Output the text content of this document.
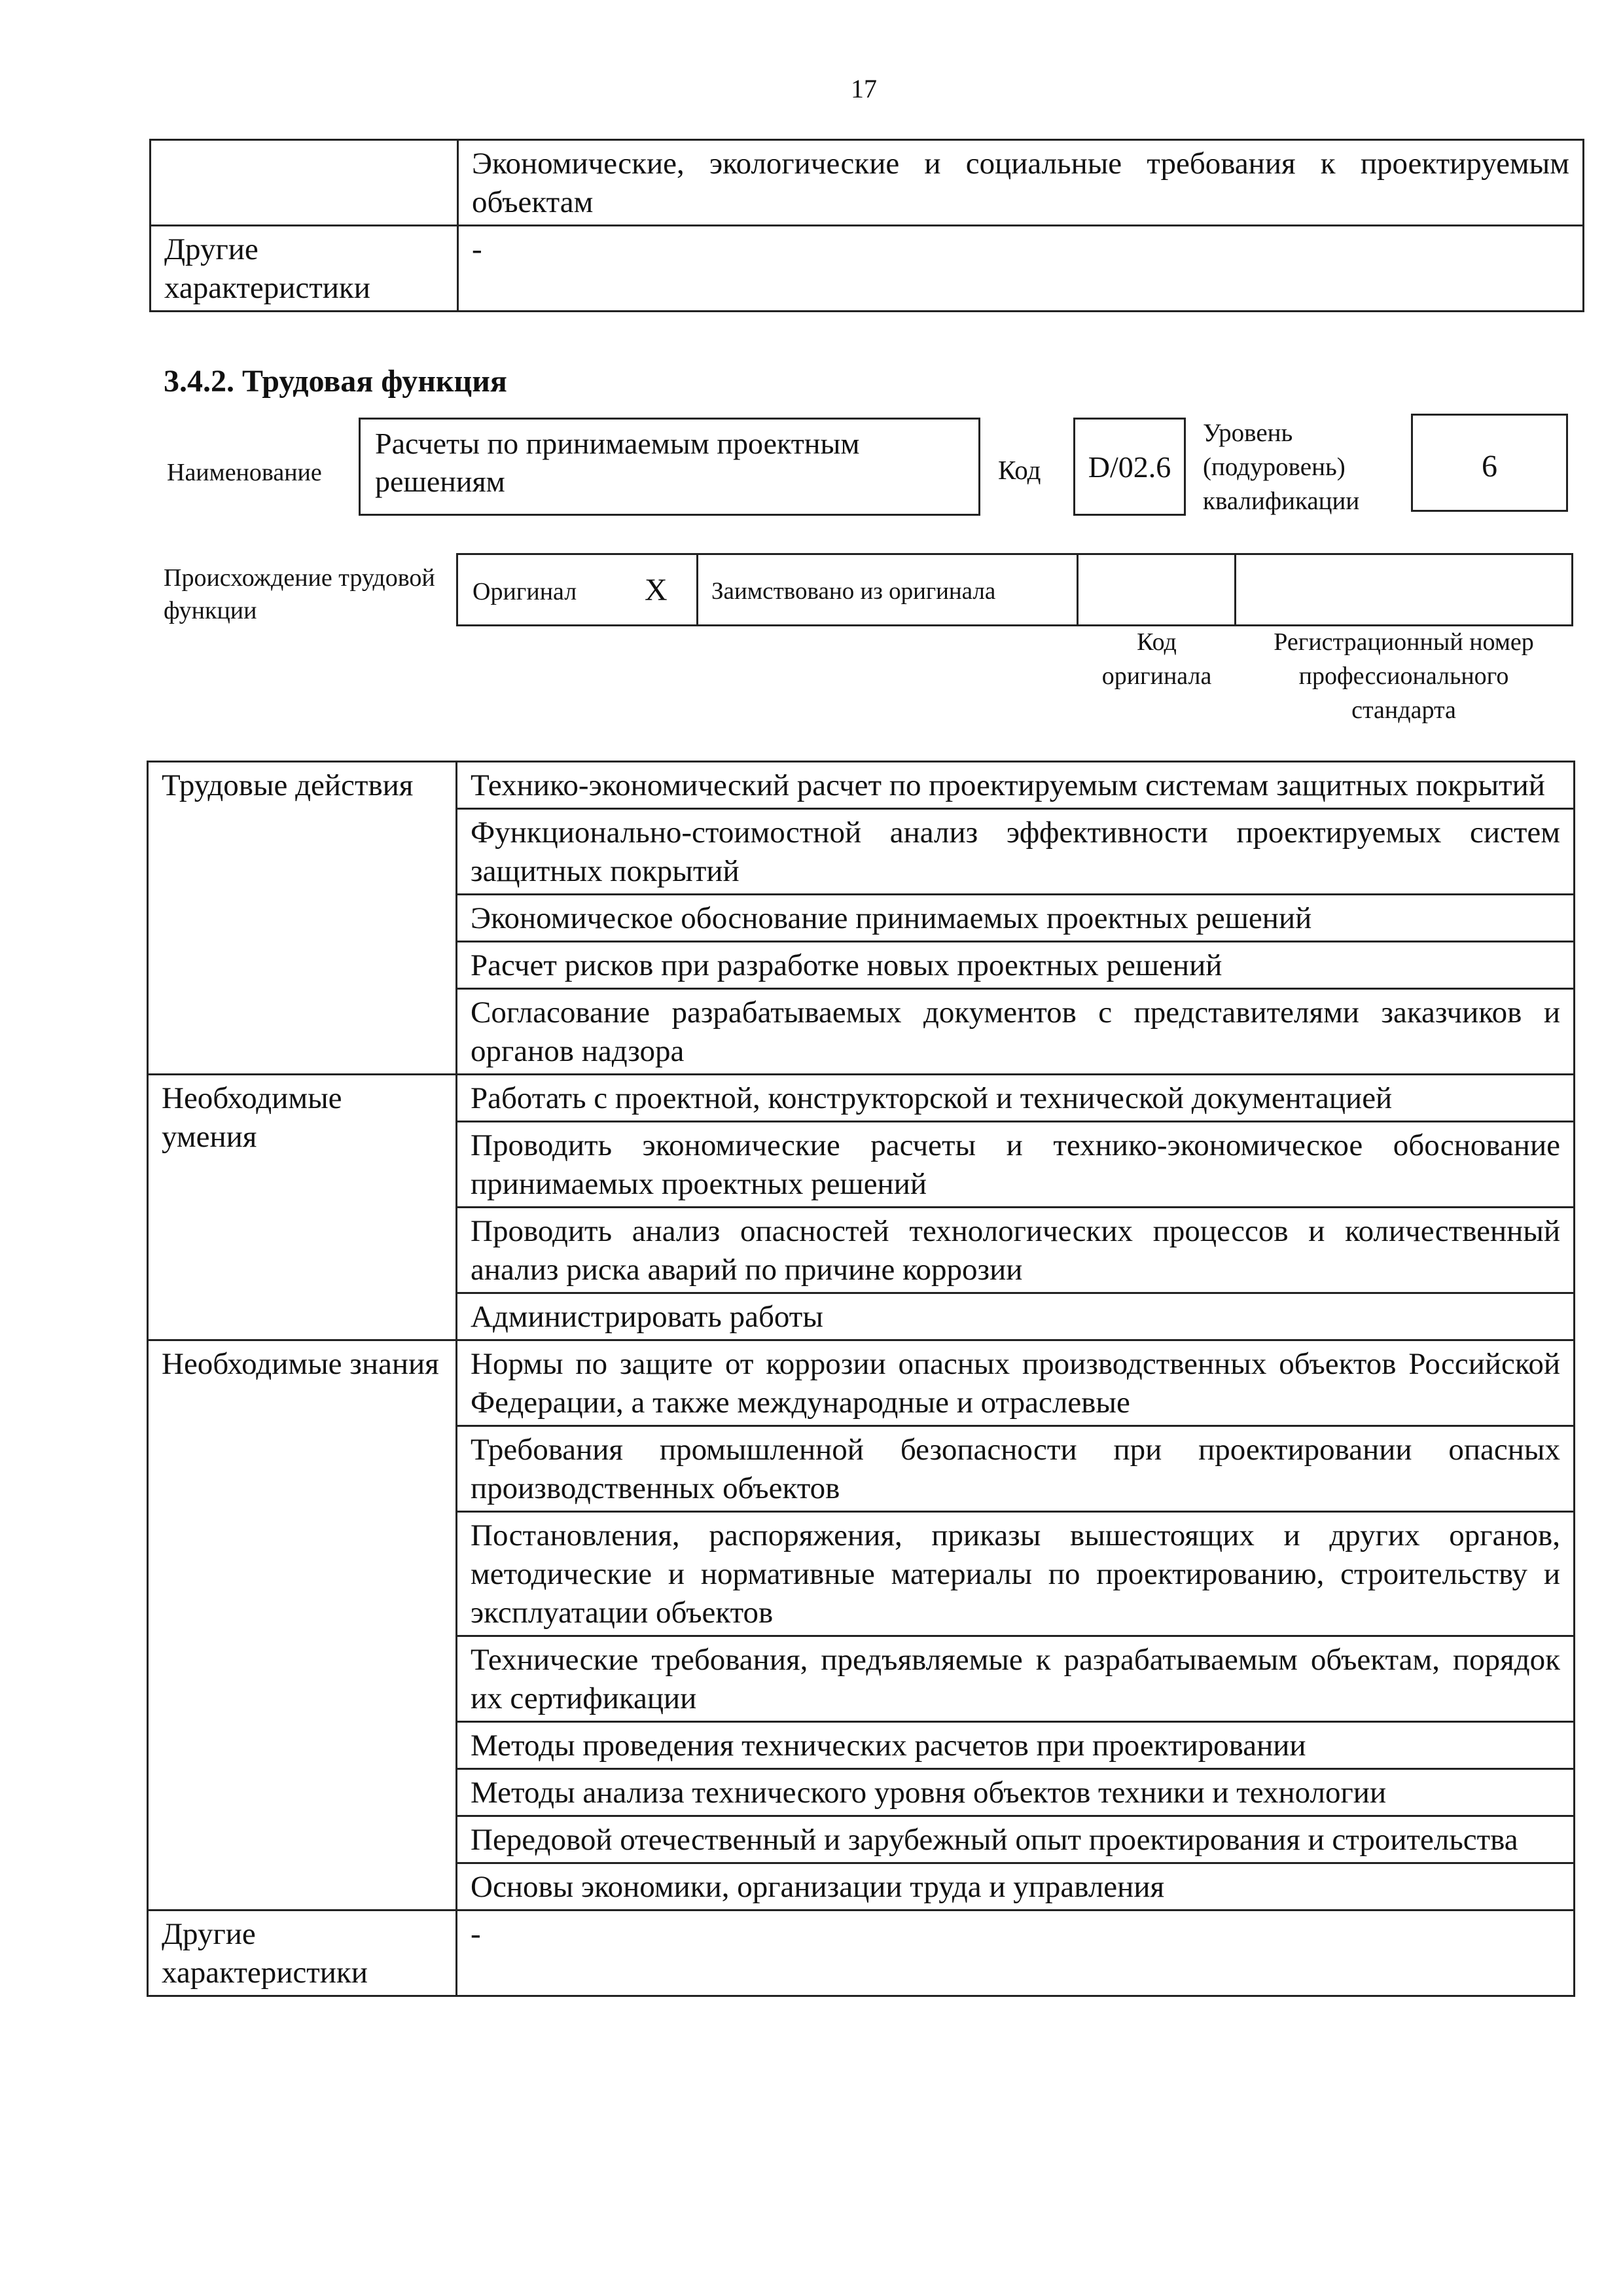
17
	Экономические, экологические и социальные требования к проектируемым объектам
Другие характеристики	-
3.4.2. Трудовая функция
Наименование
Расчеты по принимаемым проектным решениям	Код	D/02.6
Уровень (подуровень) квалификации
6
Происхождение трудовой функции
Оригинал X Заимствовано из оригинала
Код оригинала
Регистрационный номер профессионального стандарта
Трудовые действия	Технико-экономический расчет по проектируемым системам защитных покрытий
	Функционально-стоимостной анализ эффективности проектируемых систем защитных покрытий
	Экономическое обоснование принимаемых проектных решений
	Расчет рисков при разработке новых проектных решений
	Согласование разрабатываемых документов с представителями заказчиков и органов надзора
Необходимые умения	Работать с проектной, конструкторской и технической документацией
	Проводить экономические расчеты и технико-экономическое обоснование принимаемых проектных решений
	Проводить анализ опасностей технологических процессов и количественный анализ риска аварий по причине коррозии
	Администрировать работы
Необходимые знания	Нормы по защите от коррозии опасных производственных объектов Российской Федерации, а также международные и отраслевые
	Требования промышленной безопасности при проектировании опасных производственных объектов
	Постановления, распоряжения, приказы вышестоящих и других органов, методические и нормативные материалы по проектированию, строительству и эксплуатации объектов
	Технические требования, предъявляемые к разрабатываемым объектам, порядок их сертификации
	Методы проведения технических расчетов при проектировании
	Методы анализа технического уровня объектов техники и технологии
	Передовой отечественный и зарубежный опыт проектирования и строительства
	Основы экономики, организации труда и управления
Другие характеристики	-
